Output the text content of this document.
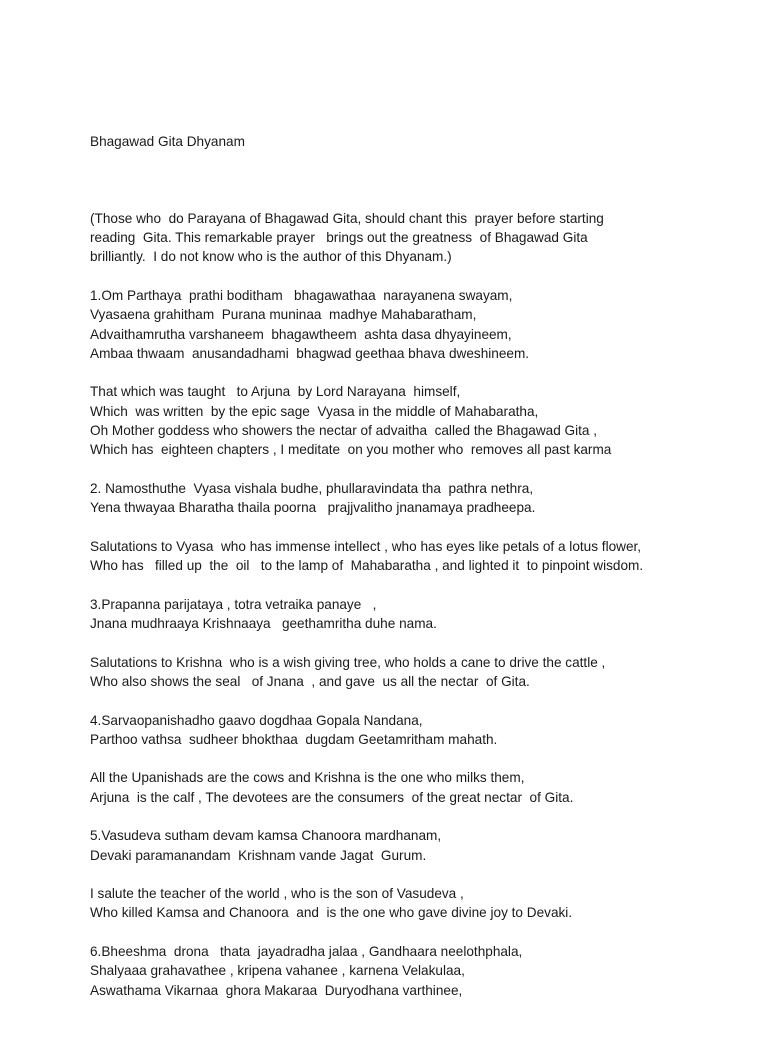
Bhagawad Gita Dhyanam

(Those who  do Parayana of Bhagawad Gita, should chant this  prayer before starting
reading  Gita. This remarkable prayer   brings out the greatness  of Bhagawad Gita
brilliantly.  I do not know who is the author of this Dhyanam.)
1.Om Parthaya  prathi boditham   bhagawathaa  narayanena swayam,
Vyasaena grahitham  Purana muninaa  madhye Mahabaratham,
Advaithamrutha varshaneem  bhagawtheem  ashta dasa dhyayineem,
Ambaa thwaam  anusandadhami  bhagwad geethaa bhava dweshineem.
That which was taught   to Arjuna  by Lord Narayana  himself,
Which  was written  by the epic sage  Vyasa in the middle of Mahabaratha,
Oh Mother goddess who showers the nectar of advaitha  called the Bhagawad Gita ,
Which has  eighteen chapters , I meditate  on you mother who  removes all past karma
2. Namosthuthe  Vyasa vishala budhe, phullaravindata tha  pathra nethra,
Yena thwayaa Bharatha thaila poorna   prajjvalitho jnanamaya pradheepa.
Salutations to Vyasa  who has immense intellect , who has eyes like petals of a lotus flower,
Who has   filled up  the  oil   to the lamp of  Mahabaratha , and lighted it  to pinpoint wisdom.
3.Prapanna parijataya , totra vetraika panaye   ,
Jnana mudhraaya Krishnaaya   geethamritha duhe nama.
Salutations to Krishna  who is a wish giving tree, who holds a cane to drive the cattle ,
Who also shows the seal   of Jnana  , and gave  us all the nectar  of Gita.
4.Sarvaopanishadho gaavo dogdhaa Gopala Nandana,
Parthoo vathsa  sudheer bhokthaa  dugdam Geetamritham mahath.
All the Upanishads are the cows and Krishna is the one who milks them,
Arjuna  is the calf , The devotees are the consumers  of the great nectar  of Gita.
5.Vasudeva sutham devam kamsa Chanoora mardhanam,
Devaki paramanandam  Krishnam vande Jagat  Gurum.
I salute the teacher of the world , who is the son of Vasudeva ,
Who killed Kamsa and Chanoora  and  is the one who gave divine joy to Devaki.
6.Bheeshma  drona   thata  jayadradha jalaa , Gandhaara neelothphala,
Shalyaaa grahavathee , kripena vahanee , karnena Velakulaa,
Aswathama Vikarnaa  ghora Makaraa  Duryodhana varthinee,
